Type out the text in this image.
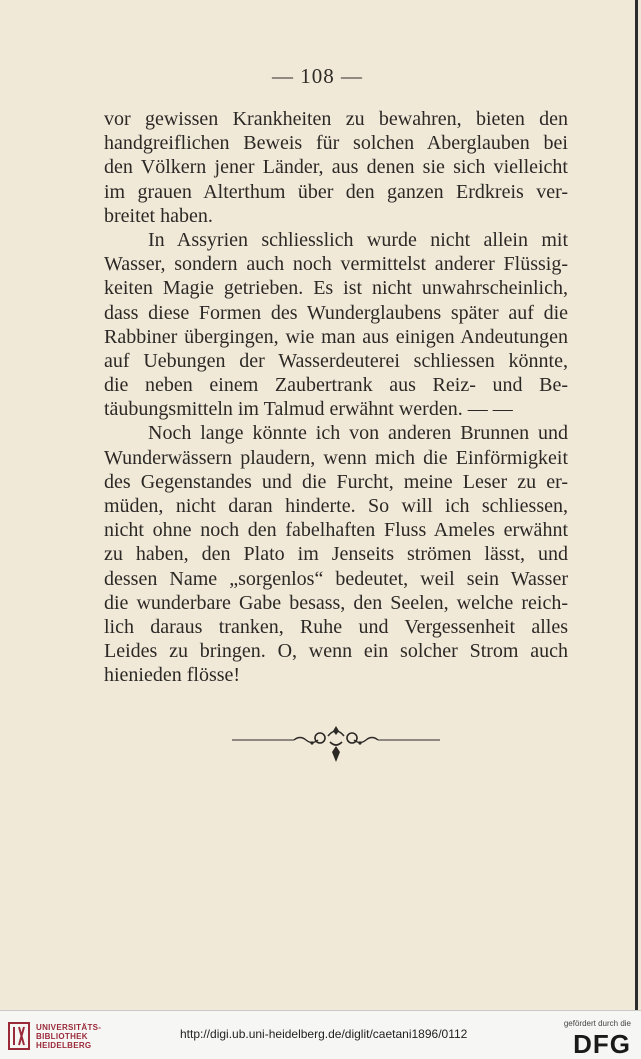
— 108 —
vor gewissen Krankheiten zu bewahren, bieten den
handgreiflichen Beweis für solchen Aberglauben bei
den Völkern jener Länder, aus denen sie sich vielleicht
im grauen Alterthum über den ganzen Erdkreis ver-
breitet haben.
In Assyrien schliesslich wurde nicht allein mit
Wasser, sondern auch noch vermittelst anderer Flüssig-
keiten Magie getrieben. Es ist nicht unwahrscheinlich,
dass diese Formen des Wunderglaubens später auf die
Rabbiner übergingen, wie man aus einigen Andeutungen
auf Uebungen der Wasserdeuterei schliessen könnte,
die neben einem Zaubertrank aus Reiz- und Be-
täubungsmitteln im Talmud erwähnt werden. — —
Noch lange könnte ich von anderen Brunnen und
Wunderwässern plaudern, wenn mich die Einförmigkeit
des Gegenstandes und die Furcht, meine Leser zu er-
müden, nicht daran hinderte. So will ich schliessen,
nicht ohne noch den fabelhaften Fluss Ameles erwähnt
zu haben, den Plato im Jenseits strömen lässt, und
dessen Name „sorgenlos“ bedeutet, weil sein Wasser
die wunderbare Gabe besass, den Seelen, welche reich-
lich daraus tranken, Ruhe und Vergessenheit alles
Leides zu bringen. O, wenn ein solcher Strom auch
hienieden flösse!
UNIVERSITÄTS-
BIBLIOTHEK
HEIDELBERG
http://digi.ub.uni-heidelberg.de/diglit/caetani1896/0112
gefördert durch die
DFG
